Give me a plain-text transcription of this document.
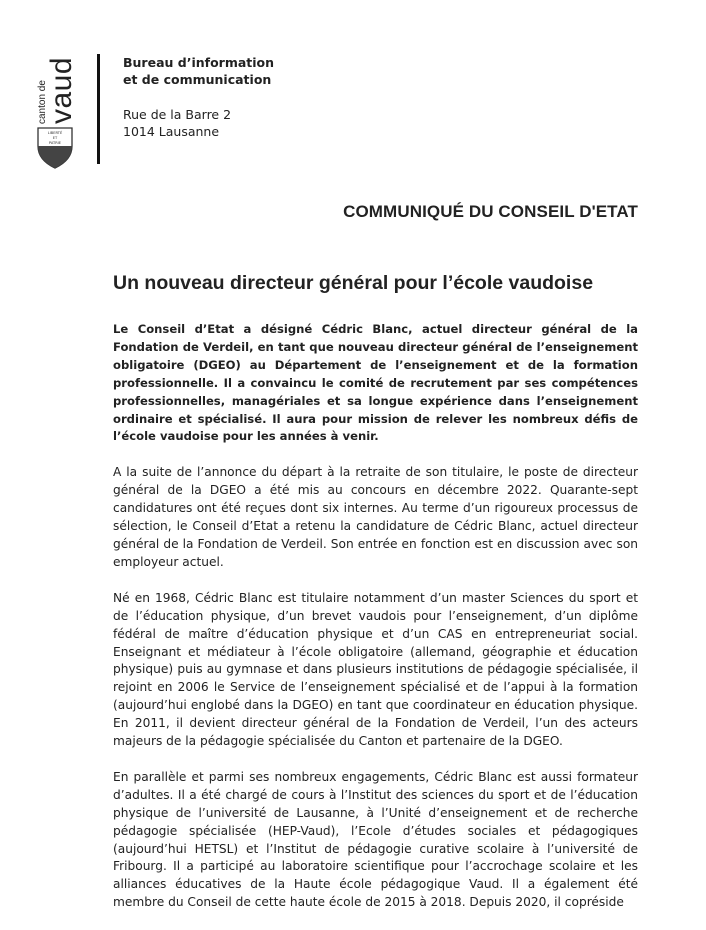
canton de
vaud
LIBERTÉ
ET
PATRIE
Bureau d’information
et de communication
Rue de la Barre 2
1014 Lausanne
COMMUNIQUÉ DU CONSEIL D'ETAT
Un nouveau directeur général pour l’école vaudoise

Le Conseil d’Etat a désigné Cédric Blanc, actuel directeur général de la Fondation de Verdeil, en tant que nouveau directeur général de l’enseignement obligatoire (DGEO) au Département de l’enseignement et de la formation professionnelle. Il a convaincu le comité de recrutement par ses compétences professionnelles, managériales et sa longue expérience dans l’enseignement ordinaire et spécialisé. Il aura pour mission de relever les nombreux défis de l’école vaudoise pour les années à venir.

A la suite de l’annonce du départ à la retraite de son titulaire, le poste de directeur général de la DGEO a été mis au concours en décembre 2022. Quarante-sept candidatures ont été reçues dont six internes. Au terme d’un rigoureux processus de sélection, le Conseil d’Etat a retenu la candidature de Cédric Blanc, actuel directeur général de la Fondation de Verdeil. Son entrée en fonction est en discussion avec son employeur actuel.

Né en 1968, Cédric Blanc est titulaire notamment d’un master Sciences du sport et de l’éducation physique, d’un brevet vaudois pour l’enseignement, d’un diplôme fédéral de maître d’éducation physique et d’un CAS en entrepreneuriat social. Enseignant et médiateur à l’école obligatoire (allemand, géographie et éducation physique) puis au gymnase et dans plusieurs institutions de pédagogie spécialisée, il rejoint en 2006 le Service de l’enseignement spécialisé et de l’appui à la formation (aujourd’hui englobé dans la DGEO) en tant que coordinateur en éducation physique. En 2011, il devient directeur général de la Fondation de Verdeil, l’un des acteurs majeurs de la pédagogie spécialisée du Canton et partenaire de la DGEO.

En parallèle et parmi ses nombreux engagements, Cédric Blanc est aussi formateur d’adultes. Il a été chargé de cours à l’Institut des sciences du sport et de l’éducation physique de l’université de Lausanne, à l’Unité d’enseignement et de recherche pédagogie spécialisée (HEP-Vaud), l’Ecole d’études sociales et pédagogiques (aujourd’hui HETSL) et l’Institut de pédagogie curative scolaire à l’université de Fribourg. Il a participé au laboratoire scientifique pour l’accrochage scolaire et les alliances éducatives de la Haute école pédagogique Vaud. Il a également été membre du Conseil de cette haute école de 2015 à 2018. Depuis 2020, il copréside
